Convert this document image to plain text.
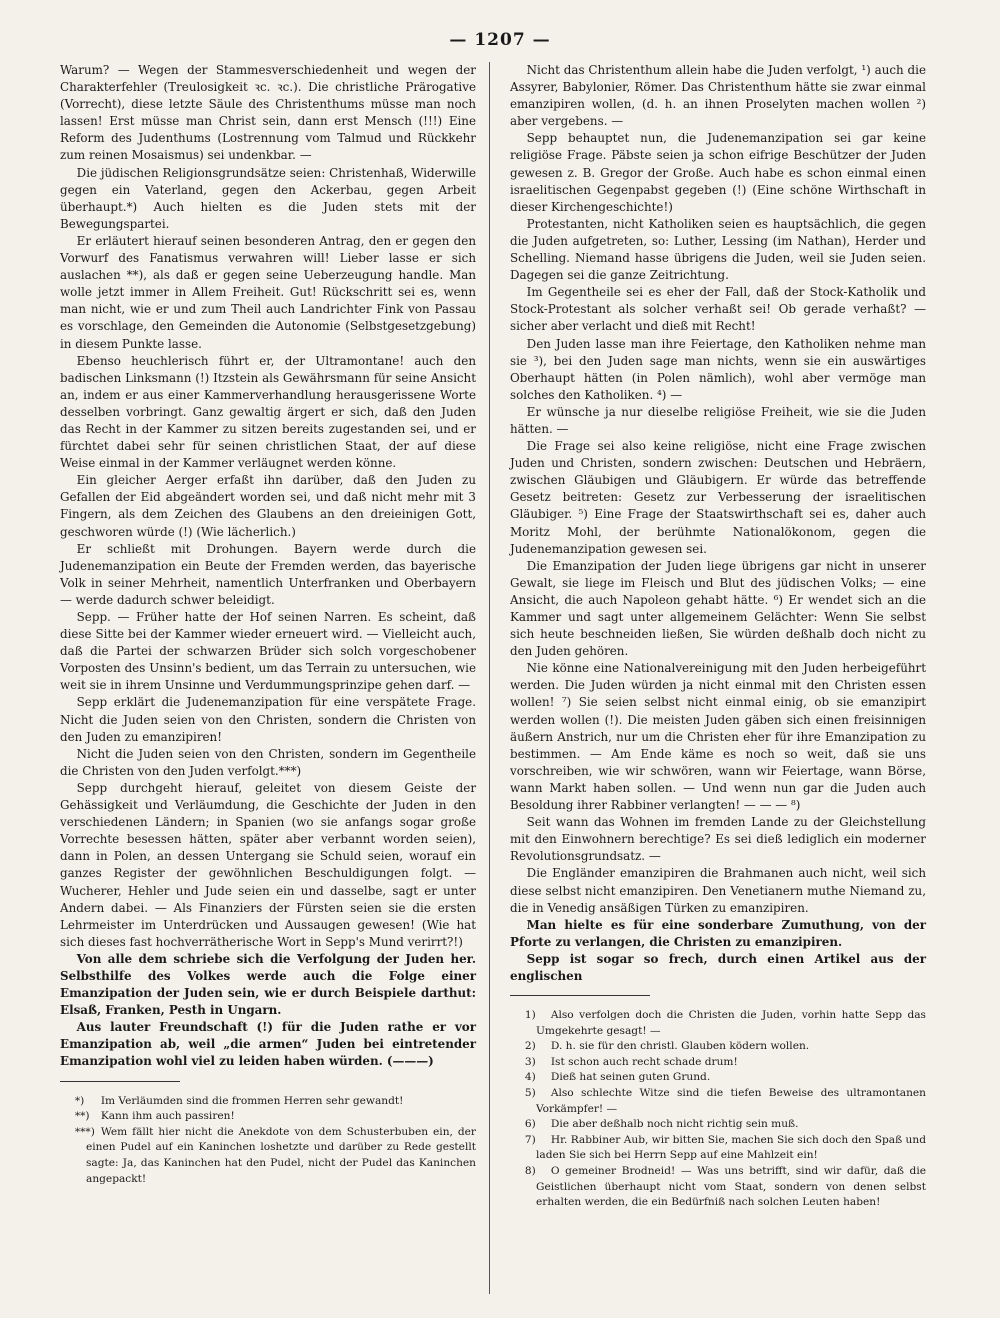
— 1207 —

Warum? — Wegen der Stammesverschiedenheit und wegen der Charakterfehler (Treulosigkeit ꝛc. ꝛc.). Die christliche Prärogative (Vorrecht), diese letzte Säule des Christenthums müsse man noch lassen! Erst müsse man Christ sein, dann erst Mensch (!!!) Eine Reform des Judenthums (Lostrennung vom Talmud und Rückkehr zum reinen Mosaismus) sei undenkbar. —

Die jüdischen Religionsgrundsätze seien: Christenhaß, Widerwille gegen ein Vaterland, gegen den Ackerbau, gegen Arbeit überhaupt.*) Auch hielten es die Juden stets mit der Bewegungspartei.

Er erläutert hierauf seinen besonderen Antrag, den er gegen den Vorwurf des Fanatismus verwahren will! Lieber lasse er sich auslachen **), als daß er gegen seine Ueberzeugung handle. Man wolle jetzt immer in Allem Freiheit. Gut! Rückschritt sei es, wenn man nicht, wie er und zum Theil auch Landrichter Fink von Passau es vorschlage, den Gemeinden die Autonomie (Selbstgesetzgebung) in diesem Punkte lasse.

Ebenso heuchlerisch führt er, der Ultramontane! auch den badischen Linksmann (!) Itzstein als Gewährsmann für seine Ansicht an, indem er aus einer Kammerverhandlung herausgerissene Worte desselben vorbringt. Ganz gewaltig ärgert er sich, daß den Juden das Recht in der Kammer zu sitzen bereits zugestanden sei, und er fürchtet dabei sehr für seinen christlichen Staat, der auf diese Weise einmal in der Kammer verläugnet werden könne.

Ein gleicher Aerger erfaßt ihn darüber, daß den Juden zu Gefallen der Eid abgeändert worden sei, und daß nicht mehr mit 3 Fingern, als dem Zeichen des Glaubens an den dreieinigen Gott, geschworen würde (!) (Wie lächerlich.)

Er schließt mit Drohungen. Bayern werde durch die Judenemanzipation ein Beute der Fremden werden, das bayerische Volk in seiner Mehrheit, namentlich Unterfranken und Oberbayern — werde dadurch schwer beleidigt.

Sepp. — Früher hatte der Hof seinen Narren. Es scheint, daß diese Sitte bei der Kammer wieder erneuert wird. — Vielleicht auch, daß die Partei der schwarzen Brüder sich solch vorgeschobener Vorposten des Unsinn's bedient, um das Terrain zu untersuchen, wie weit sie in ihrem Unsinne und Verdummungsprinzipe gehen darf. —

Sepp erklärt die Judenemanzipation für eine verspätete Frage. Nicht die Juden seien von den Christen, sondern die Christen von den Juden zu emanzipiren!

Nicht die Juden seien von den Christen, sondern im Gegentheile die Christen von den Juden verfolgt.***)

Sepp durchgeht hierauf, geleitet von diesem Geiste der Gehässigkeit und Verläumdung, die Geschichte der Juden in den verschiedenen Ländern; in Spanien (wo sie anfangs sogar große Vorrechte besessen hätten, später aber verbannt worden seien), dann in Polen, an dessen Untergang sie Schuld seien, worauf ein ganzes Register der gewöhnlichen Beschuldigungen folgt. — Wucherer, Hehler und Jude seien ein und dasselbe, sagt er unter Andern dabei. — Als Finanziers der Fürsten seien sie die ersten Lehrmeister im Unterdrücken und Aussaugen gewesen! (Wie hat sich dieses fast hochverrätherische Wort in Sepp's Mund verirrt?!)

Von alle dem schriebe sich die Verfolgung der Juden her. Selbsthilfe des Volkes werde auch die Folge einer Emanzipation der Juden sein, wie er durch Beispiele darthut: Elsaß, Franken, Pesth in Ungarn.

Aus lauter Freundschaft (!) für die Juden rathe er vor Emanzipation ab, weil „die armen“ Juden bei eintretender Emanzipation wohl viel zu leiden haben würden. (———)

*) Im Verläumden sind die frommen Herren sehr gewandt!

**) Kann ihm auch passiren!

***) Wem fällt hier nicht die Anekdote von dem Schusterbuben ein, der einen Pudel auf ein Kaninchen loshetzte und darüber zu Rede gestellt sagte: Ja, das Kaninchen hat den Pudel, nicht der Pudel das Kaninchen angepackt!

Nicht das Christenthum allein habe die Juden verfolgt, ¹) auch die Assyrer, Babylonier, Römer. Das Christenthum hätte sie zwar einmal emanzipiren wollen, (d. h. an ihnen Proselyten machen wollen ²) aber vergebens. —

Sepp behauptet nun, die Judenemanzipation sei gar keine religiöse Frage. Päbste seien ja schon eifrige Beschützer der Juden gewesen z. B. Gregor der Große. Auch habe es schon einmal einen israelitischen Gegenpabst gegeben (!) (Eine schöne Wirthschaft in dieser Kirchengeschichte!)

Protestanten, nicht Katholiken seien es hauptsächlich, die gegen die Juden aufgetreten, so: Luther, Lessing (im Nathan), Herder und Schelling. Niemand hasse übrigens die Juden, weil sie Juden seien. Dagegen sei die ganze Zeitrichtung.

Im Gegentheile sei es eher der Fall, daß der Stock-Katholik und Stock-Protestant als solcher verhaßt sei! Ob gerade verhaßt? — sicher aber verlacht und dieß mit Recht!

Den Juden lasse man ihre Feiertage, den Katholiken nehme man sie ³), bei den Juden sage man nichts, wenn sie ein auswärtiges Oberhaupt hätten (in Polen nämlich), wohl aber vermöge man solches den Katholiken. ⁴) —

Er wünsche ja nur dieselbe religiöse Freiheit, wie sie die Juden hätten. —

Die Frage sei also keine religiöse, nicht eine Frage zwischen Juden und Christen, sondern zwischen: Deutschen und Hebräern, zwischen Gläubigen und Gläubigern. Er würde das betreffende Gesetz beitreten: Gesetz zur Verbesserung der israelitischen Gläubiger. ⁵) Eine Frage der Staatswirthschaft sei es, daher auch Moritz Mohl, der berühmte Nationalökonom, gegen die Judenemanzipation gewesen sei.

Die Emanzipation der Juden liege übrigens gar nicht in unserer Gewalt, sie liege im Fleisch und Blut des jüdischen Volks; — eine Ansicht, die auch Napoleon gehabt hätte. ⁶) Er wendet sich an die Kammer und sagt unter allgemeinem Gelächter: Wenn Sie selbst sich heute beschneiden ließen, Sie würden deßhalb doch nicht zu den Juden gehören.

Nie könne eine Nationalvereinigung mit den Juden herbeigeführt werden. Die Juden würden ja nicht einmal mit den Christen essen wollen! ⁷) Sie seien selbst nicht einmal einig, ob sie emanzipirt werden wollen (!). Die meisten Juden gäben sich einen freisinnigen äußern Anstrich, nur um die Christen eher für ihre Emanzipation zu bestimmen. — Am Ende käme es noch so weit, daß sie uns vorschreiben, wie wir schwören, wann wir Feiertage, wann Börse, wann Markt haben sollen. — Und wenn nun gar die Juden auch Besoldung ihrer Rabbiner verlangten! — — — ⁸)

Seit wann das Wohnen im fremden Lande zu der Gleichstellung mit den Einwohnern berechtige? Es sei dieß lediglich ein moderner Revolutionsgrundsatz. —

Die Engländer emanzipiren die Brahmanen auch nicht, weil sich diese selbst nicht emanzipiren. Den Venetianern muthe Niemand zu, die in Venedig ansäßigen Türken zu emanzipiren.

Man hielte es für eine sonderbare Zumuthung, von der Pforte zu verlangen, die Christen zu emanzipiren.

Sepp ist sogar so frech, durch einen Artikel aus der englischen

1) Also verfolgen doch die Christen die Juden, vorhin hatte Sepp das Umgekehrte gesagt! —

2) D. h. sie für den christl. Glauben ködern wollen.

3) Ist schon auch recht schade drum!

4) Dieß hat seinen guten Grund.

5) Also schlechte Witze sind die tiefen Beweise des ultramontanen Vorkämpfer! —

6) Die aber deßhalb noch nicht richtig sein muß.

7) Hr. Rabbiner Aub, wir bitten Sie, machen Sie sich doch den Spaß und laden Sie sich bei Herrn Sepp auf eine Mahlzeit ein!

8) O gemeiner Brodneid! — Was uns betrifft, sind wir dafür, daß die Geistlichen überhaupt nicht vom Staat, sondern von denen selbst erhalten werden, die ein Bedürfniß nach solchen Leuten haben!
